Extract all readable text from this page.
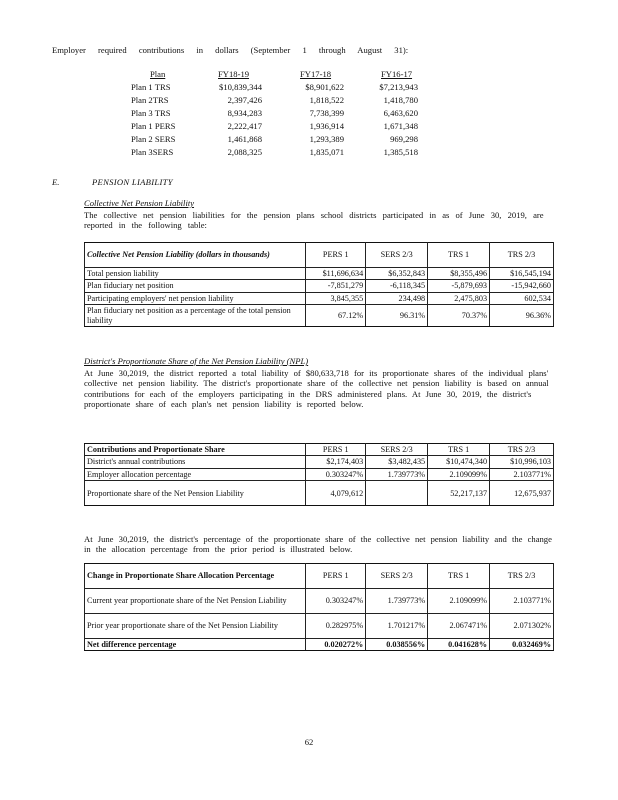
Employer required contributions in dollars (September 1 through August 31):
Plan	FY18-19	FY17-18	FY16-17
Plan 1 TRS	$10,839,344	$8,901,622	$7,213,943
Plan 2TRS	2,397,426	1,818,522	1,418,780
Plan 3 TRS	8,934,283	7,738,399	6,463,620
Plan 1 PERS	2,222,417	1,936,914	1,671,348
Plan 2 SERS	1,461,868	1,293,389	969,298
Plan 3SERS	2,088,325	1,835,071	1,385,518
E.	PENSION LIABILITY
Collective Net Pension Liability
The collective net pension liabilities for the pension plans school districts participated in as of June 30, 2019, are reported in the following table:
Collective Net Pension Liability (dollars in thousands)	PERS 1	SERS 2/3	TRS 1	TRS 2/3
Total pension liability	$11,696,634	$6,352,843	$8,355,496	$16,545,194
Plan fiduciary net position	-7,851,279	-6,118,345	-5,879,693	-15,942,660
Participating employers' net pension liability	3,845,355	234,498	2,475,803	602,534
Plan fiduciary net position as a percentage of the total pension liability	67.12%	96.31%	70.37%	96.36%
District's Proportionate Share of the Net Pension Liability (NPL)
At June 30,2019, the district reported a total liability of $80,633,718 for its proportionate shares of the individual plans' collective net pension liability. The district's proportionate share of the collective net pension liability is based on annual contributions for each of the employers participating in the DRS administered plans. At June 30, 2019, the district's proportionate share of each plan's net pension liability is reported below.
Contributions and Proportionate Share	PERS 1	SERS 2/3	TRS 1	TRS 2/3
District's annual contributions	$2,174,403	$3,482,435	$10,474,340	$10,996,103
Employer allocation percentage	0.303247%	1.739773%	2.109099%	2.103771%
Proportionate share of the Net Pension Liability	4,079,612		52,217,137	12,675,937
At June 30,2019, the district's percentage of the proportionate share of the collective net pension liability and the change in the allocation percentage from the prior period is illustrated below.
Change in Proportionate Share Allocation Percentage	PERS 1	SERS 2/3	TRS 1	TRS 2/3
Current year proportionate share of the Net Pension Liability	0.303247%	1.739773%	2.109099%	2.103771%
Prior year proportionate share of the Net Pension Liability	0.282975%	1.701217%	2.067471%	2.071302%
Net difference percentage	0.020272%	0.038556%	0.041628%	0.032469%
62
